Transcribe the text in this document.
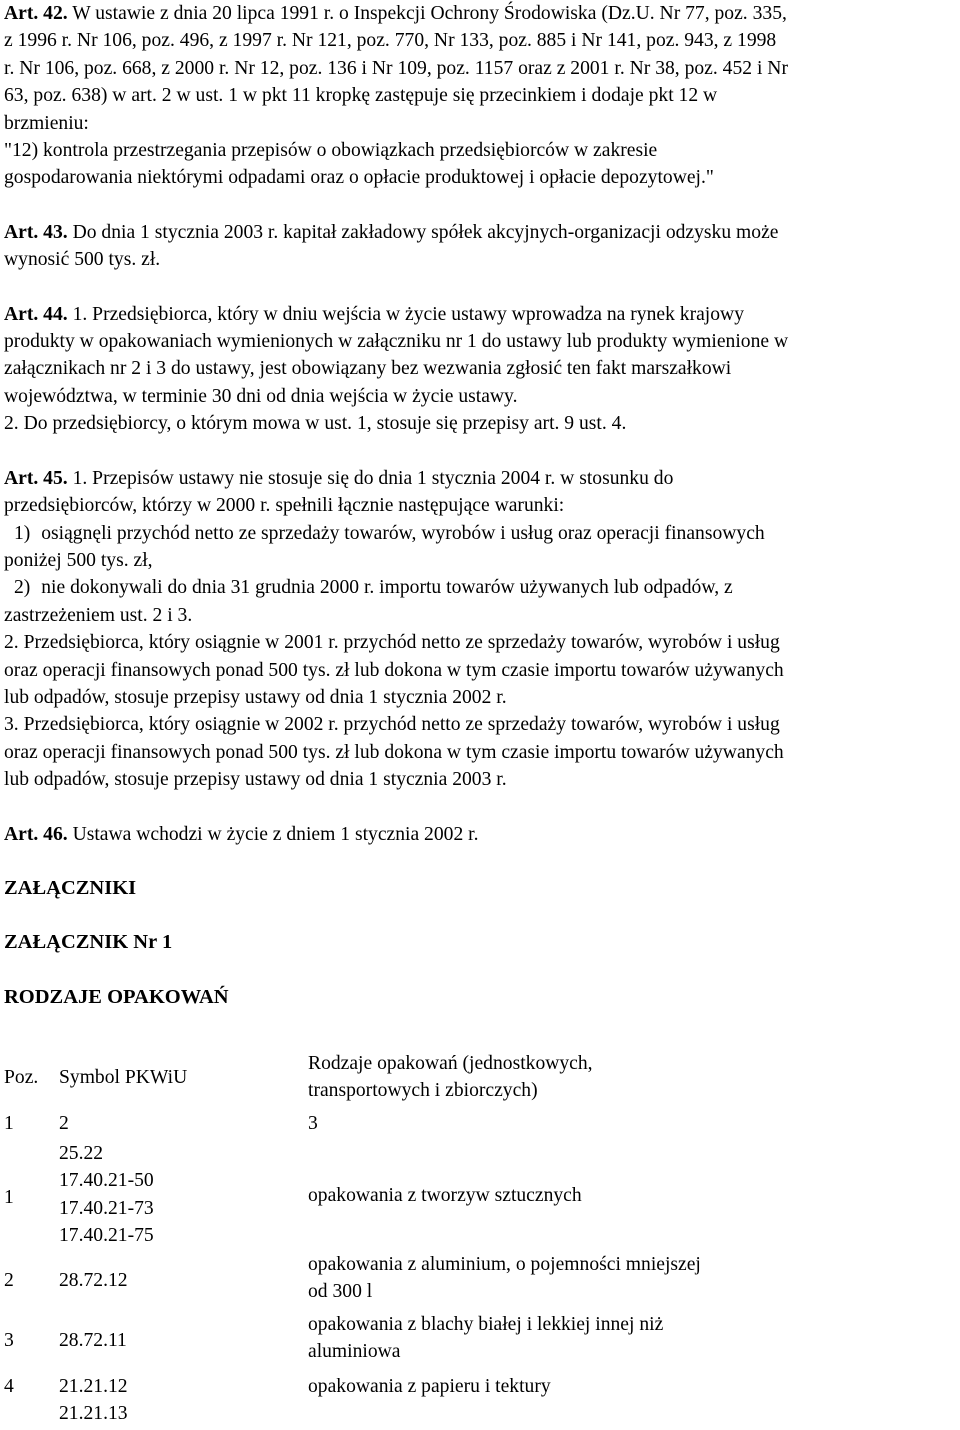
Art. 42. W ustawie z dnia 20 lipca 1991 r. o Inspekcji Ochrony Środowiska (Dz.U. Nr 77, poz. 335,

z 1996 r. Nr 106, poz. 496, z 1997 r. Nr 121, poz. 770, Nr 133, poz. 885 i Nr 141, poz. 943, z 1998

r. Nr 106, poz. 668, z 2000 r. Nr 12, poz. 136 i Nr 109, poz. 1157 oraz z 2001 r. Nr 38, poz. 452 i Nr

63, poz. 638) w art. 2 w ust. 1 w pkt 11 kropkę zastępuje się przecinkiem i dodaje pkt 12 w

brzmieniu:

"12) kontrola przestrzegania przepisów o obowiązkach przedsiębiorców w zakresie

gospodarowania niektórymi odpadami oraz o opłacie produktowej i opłacie depozytowej."

Art. 43. Do dnia 1 stycznia 2003 r. kapitał zakładowy spółek akcyjnych-organizacji odzysku może

wynosić 500 tys. zł.

Art. 44. 1. Przedsiębiorca, który w dniu wejścia w życie ustawy wprowadza na rynek krajowy

produkty w opakowaniach wymienionych w załączniku nr 1 do ustawy lub produkty wymienione w

załącznikach nr 2 i 3 do ustawy, jest obowiązany bez wezwania zgłosić ten fakt marszałkowi

województwa, w terminie 30 dni od dnia wejścia w życie ustawy.

2. Do przedsiębiorcy, o którym mowa w ust. 1, stosuje się przepisy art. 9 ust. 4.

Art. 45. 1. Przepisów ustawy nie stosuje się do dnia 1 stycznia 2004 r. w stosunku do

przedsiębiorców, którzy w 2000 r. spełnili łącznie następujące warunki:

1) osiągnęli przychód netto ze sprzedaży towarów, wyrobów i usług oraz operacji finansowych

poniżej 500 tys. zł,

2) nie dokonywali do dnia 31 grudnia 2000 r. importu towarów używanych lub odpadów, z

zastrzeżeniem ust. 2 i 3.

2. Przedsiębiorca, który osiągnie w 2001 r. przychód netto ze sprzedaży towarów, wyrobów i usług

oraz operacji finansowych ponad 500 tys. zł lub dokona w tym czasie importu towarów używanych

lub odpadów, stosuje przepisy ustawy od dnia 1 stycznia 2002 r.

3. Przedsiębiorca, który osiągnie w 2002 r. przychód netto ze sprzedaży towarów, wyrobów i usług

oraz operacji finansowych ponad 500 tys. zł lub dokona w tym czasie importu towarów używanych

lub odpadów, stosuje przepisy ustawy od dnia 1 stycznia 2003 r.

Art. 46. Ustawa wchodzi w życie z dniem 1 stycznia 2002 r.

ZAŁĄCZNIKI

ZAŁĄCZNIK Nr 1

RODZAJE OPAKOWAŃ

Poz. Symbol PKWiU
Rodzaje opakowań (jednostkowych,
transportowych i zbiorczych)
1 2	3
1
25.22
17.40.21-50
17.40.21-73
17.40.21-75
opakowania z tworzyw sztucznych
2 28.72.12
opakowania z aluminium, o pojemności mniejszej
od 300 l
3 28.72.11
opakowania z blachy białej i lekkiej innej niż
aluminiowa
4 21.21.12
21.21.13
opakowania z papieru i tektury
